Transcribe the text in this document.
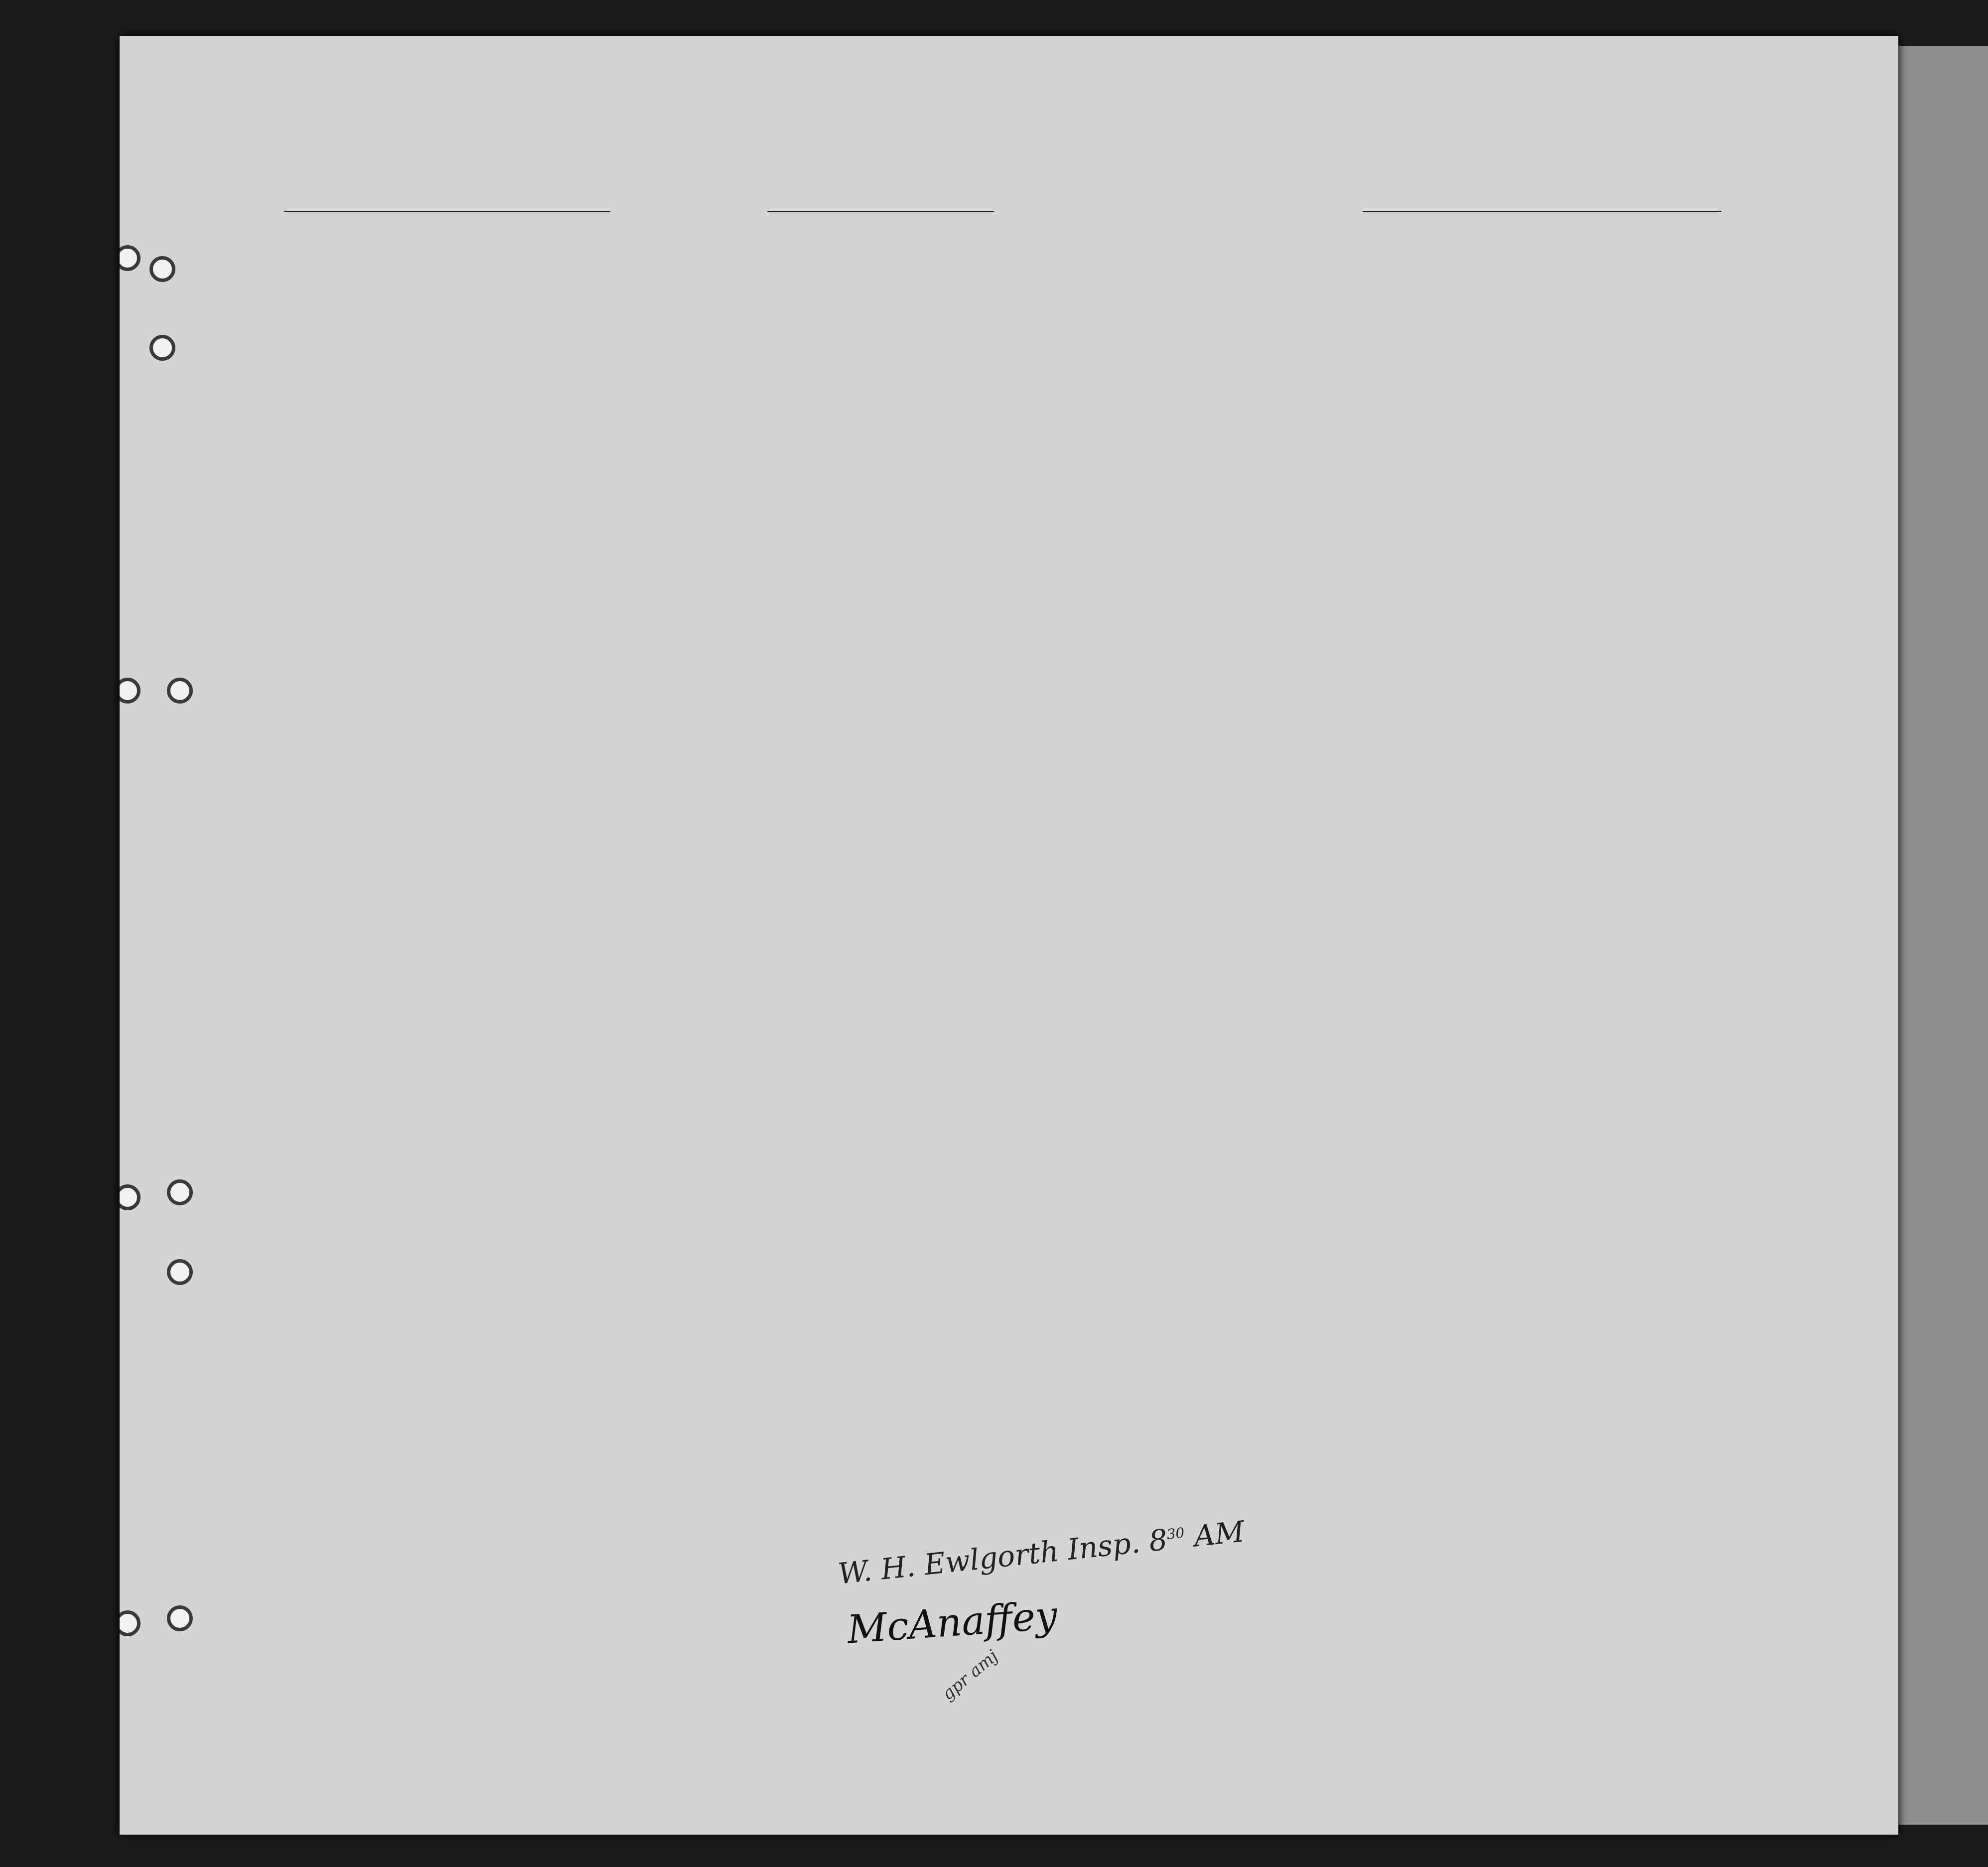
W. H. Ewlgorth Insp. $8^{30}$ AM
McAnaffey
gpr amj
